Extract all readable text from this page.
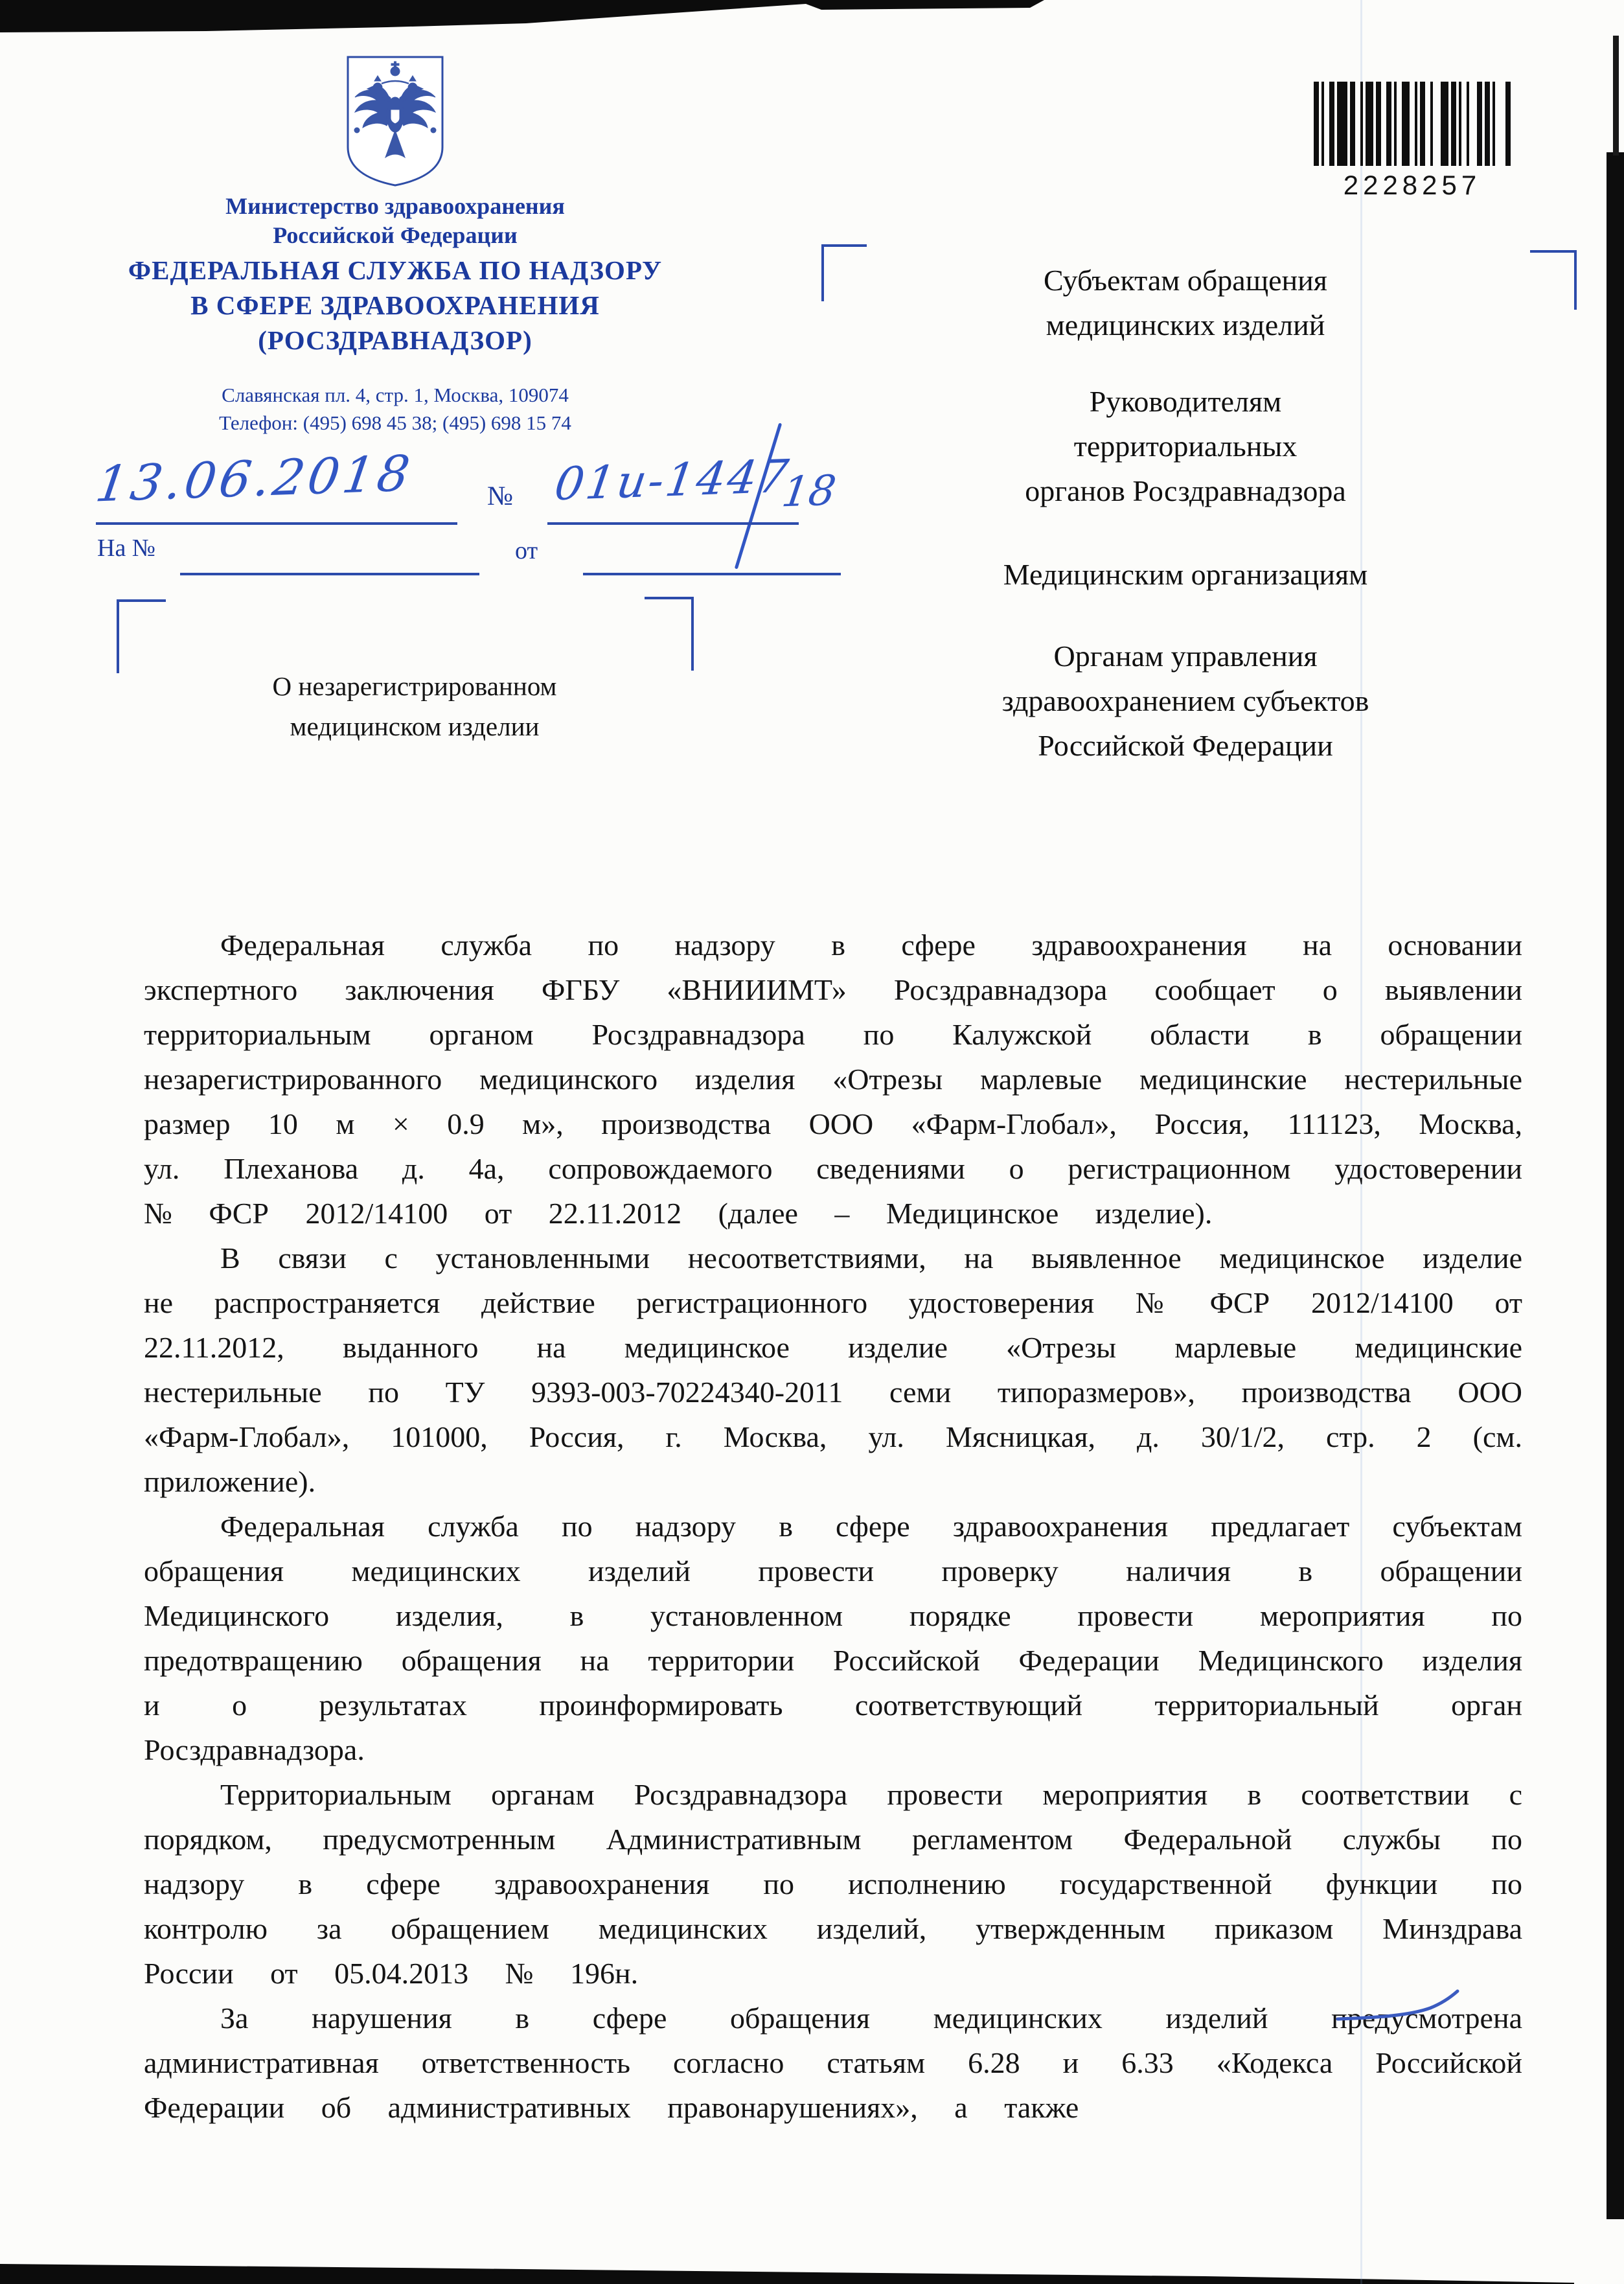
2228257
Министерство здравоохранения
Российской Федерации
ФЕДЕРАЛЬНАЯ СЛУЖБА ПО НАДЗОРУ
В СФЕРЕ ЗДРАВООХРАНЕНИЯ
(РОСЗДРАВНАДЗОР)
Славянская пл. 4, стр. 1, Москва, 109074
Телефон: (495) 698 45 38; (495) 698 15 74
13.06.2018	№ 01и-1447
18
На №	от
О незарегистрированном
медицинском изделии
Субъектам обращения
медицинских изделий
Руководителям
территориальных
органов Росздравнадзора
Медицинским организациям
Органам управления
здравоохранением субъектов
Российской Федерации

Федеральная служба по надзору в сфере здравоохранения на основании экспертного заключения ФГБУ «ВНИИИМТ» Росздравнадзора сообщает о выявлении территориальным органом Росздравнадзора по Калужской области в обращении незарегистрированного медицинского изделия «Отрезы марлевые медицинские нестерильные размер 10 м × 0.9 м», производства ООО «Фарм-Глобал», Россия, 111123, Москва, ул. Плеханова д. 4а, сопровождаемого сведениями о регистрационном удостоверении № ФСР 2012/14100 от 22.11.2012 (далее – Медицинское изделие).

В связи с установленными несоответствиями, на выявленное медицинское изделие не распространяется действие регистрационного удостоверения № ФСР 2012/14100 от 22.11.2012, выданного на медицинское изделие «Отрезы марлевые медицинские нестерильные по ТУ 9393-003-70224340-2011 семи типоразмеров», производства ООО «Фарм-Глобал», 101000, Россия, г. Москва, ул. Мясницкая, д. 30/1/2, стр. 2 (см. приложение).

Федеральная служба по надзору в сфере здравоохранения предлагает субъектам обращения медицинских изделий провести проверку наличия в обращении Медицинского изделия, в установленном порядке провести мероприятия по предотвращению обращения на территории Российской Федерации Медицинского изделия и о результатах проинформировать соответствующий территориальный орган Росздравнадзора.

Территориальным органам Росздравнадзора провести мероприятия в соответствии с порядком, предусмотренным Административным регламентом Федеральной службы по надзору в сфере здравоохранения по исполнению государственной функции по контролю за обращением медицинских изделий, утвержденным приказом Минздрава России от 05.04.2013 № 196н.

За нарушения в сфере обращения медицинских изделий предусмотрена административная ответственность согласно статьям 6.28 и 6.33 «Кодекса Российской Федерации об административных правонарушениях», а также
